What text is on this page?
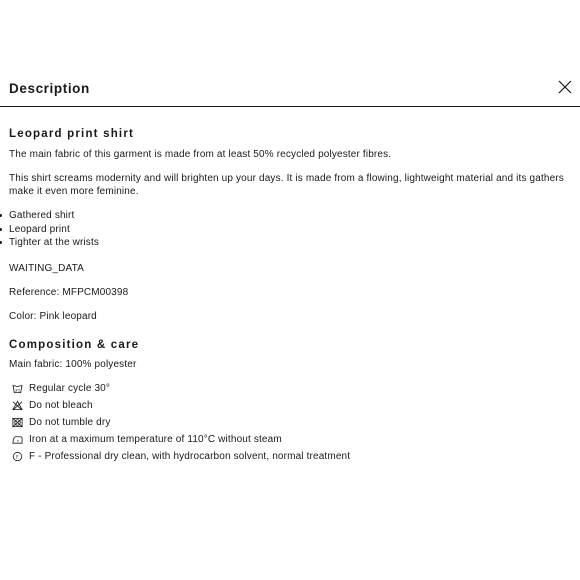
Description
Leopard print shirt

The main fabric of this garment is made from at least 50% recycled polyester fibres.

This shirt screams modernity and will brighten up your days. It is made from a flowing, lightweight material and its gathers make it even more feminine.

Gathered shirt
Leopard print
Tighter at the wrists

WAITING_DATA

Reference: MFPCM00398

Color: Pink leopard

Composition & care

Main fabric: 100% polyester

30 Regular cycle 30°
Do not bleach
Do not tumble dry
Iron at a maximum temperature of 110°C without steam
F F - Professional dry clean, with hydrocarbon solvent, normal treatment
